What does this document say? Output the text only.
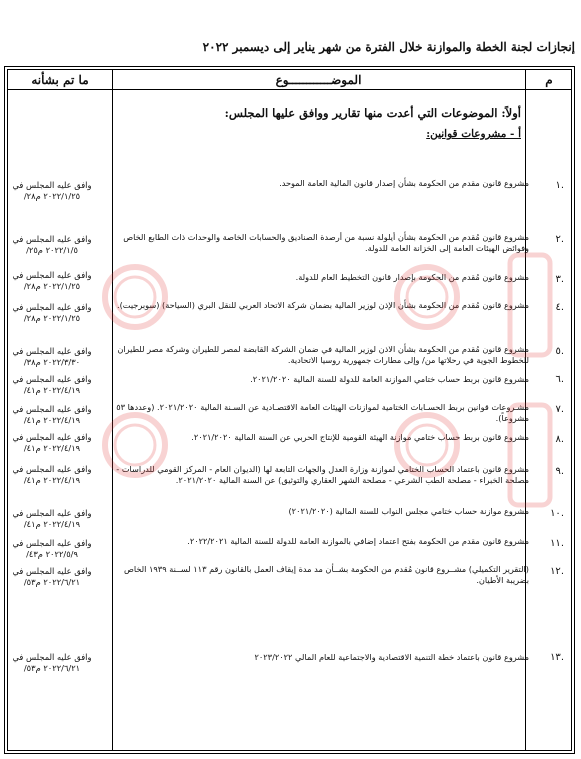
إنجازات لجنة الخطة والموازنة خلال الفترة من شهر يناير إلى ديسمبر ٢٠٢٢
ما تم بشأنه	الموضــــــــــــوع	م
أولاً: الموضوعات التي أعدت منها تقارير ووافق عليها المجلس:
أ - مشروعات قوانين:
.١
مشروع قانون مقدم من الحكومة بشأن إصدار قانون المالية العامة الموحد.
وافق عليه المجلس في ٢٠٢٢/١/٢٥ م٢٨/
.٢
مشروع قانون مُقدم من الحكومة بشأن أيلولة نسبة من أرصدة الصناديق والحسابات الخاصة والوحدات ذات الطابع الخاص وفوائض الهيئات العامة إلى الخزانة العامة للدولة.
وافق عليه المجلس في ٢٠٢٢/١/٥ م٢٥/
.٣
مشروع قانون مُقدم من الحكومة بإصدار قانون التخطيط العام للدولة.
وافق عليه المجلس في ٢٠٢٢/١/٢٥ م٢٨/
.٤
مشروع قانون مُقدم من الحكومة بشأن الإذن لوزير المالية بضمان شركة الاتحاد العربي للنقل البري (السياحة) (سوبرجيت).
وافق عليه المجلس في ٢٠٢٢/١/٢٥ م٢٨/
.٥
مشروع قانون مُقدم من الحكومة بشأن الاذن لوزير المالية في ضمان الشركة القابضة لمصر للطيران وشركة مصر للطيران للخطوط الجوية في رحلاتها من/ وإلى مطارات جمهورية روسيا الاتحادية.
وافق عليه المجلس في ٢٠٢٢/٣/٣٠ م٣٨/
.٦
مشروع قانون بربط حساب ختامي الموازنة العامة للدولة للسنة المالية ٢٠٢١/٢٠٢٠.
وافق عليه المجلس في ٢٠٢٢/٤/١٩ م٤١/
.٧
مشـروعات قوانين بربط الحسـابات الختامية لموازنات الهيئات العامة الاقتصـادية عن السـنة المالية ٢٠٢١/٢٠٢٠. (وعددها ٥٣ مشروعاً).
وافق عليه المجلس في ٢٠٢٢/٤/١٩ م٤١/
.٨
مشروع قانون بربط حساب ختامي موازنة الهيئة القومية للإنتاج الحربي عن السنة المالية ٢٠٢١/٢٠٢٠.
وافق عليه المجلس في ٢٠٢٢/٤/١٩ م٤١/
.٩
مشروع قانون باعتماد الحساب الختامي لموازنة وزارة العدل والجهات التابعة لها (الديوان العام - المركز القومي للدراسات - مصلحة الخبراء - مصلحة الطب الشرعي - مصلحة الشهر العقاري والتوثيق) عن السنة المالية ٢٠٢١/٢٠٢٠.
وافق عليه المجلس في ٢٠٢٢/٤/١٩ م٤١/
.١٠
مشروع موازنة حساب ختامي مجلس النواب للسنة المالية (٢٠٢١/٢٠٢٠)
وافق عليه المجلس في ٢٠٢٢/٤/١٩ م٤١/
.١١
مشروع قانون مقدم من الحكومة بفتح اعتماد إضافي بالموازنة العامة للدولة للسنة المالية ٢٠٢٢/٢٠٢١.
وافق عليه المجلس في ٢٠٢٢/٥/٩ م٤٣/
.١٢
(التقرير التكميلي) مشــروع قانون مُقدم من الحكومة بشــأن مد مدة إيقاف العمل بالقانون رقم ١١٣ لســنة ١٩٣٩ الخاص بضريبة الأطيان.
وافق عليه المجلس في ٢٠٢٢/٦/٢١ م٥٣/
.١٣
مشروع قانون باعتماد خطة التنمية الاقتصادية والاجتماعية للعام المالي ٢٠٢٣/٢٠٢٢
وافق عليه المجلس في ٢٠٢٢/٦/٢١ م٥٣/
